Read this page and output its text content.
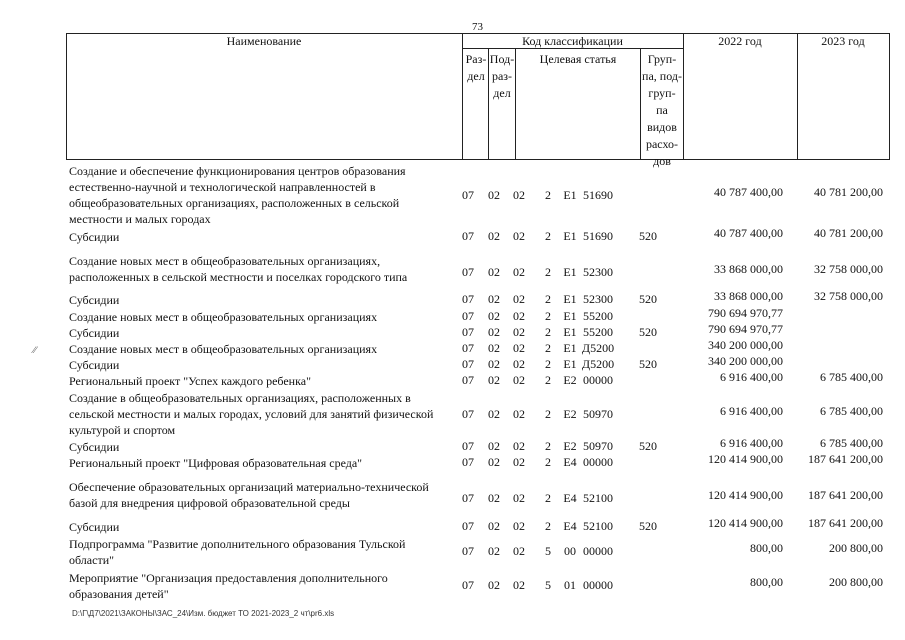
73
Наименование	Код классификации	2022 год	2023 год
Раз-
дел
Под-
раз-
дел
Целевая статья	Груп-
па, под-
груп-
па
видов
расхо-
дов
Создание и обеспечение функционирования центров образования
естественно-научной и технологической направленностей в
общеобразовательных организациях, расположенных в сельской
местности и малых городах
07	02	02	2 Е1 51690	40 787 400,00	40 781 200,00
Субсидии	07	02	02	2 Е1 51690	520	40 787 400,00	40 781 200,00
Создание новых мест в общеобразовательных организациях,
расположенных в сельской местности и поселках городского типа	07	02	02	2 Е1 52300	33 868 000,00	32 758 000,00
Субсидии	07	02	02	2 Е1 52300	520	33 868 000,00	32 758 000,00
Создание новых мест в общеобразовательных организациях	07	02	02	2 Е1 55200	790 694 970,77
Субсидии	07	02	02	2 Е1 55200	520	790 694 970,77
Создание новых мест в общеобразовательных организациях	07	02	02	2 Е1 Д5200	340 200 000,00
Субсидии	07	02	02	2 Е1 Д5200	520	340 200 000,00
Региональный проект "Успех каждого ребенка"	07	02	02	2 Е2 00000	6 916 400,00	6 785 400,00
Создание в общеобразовательных организациях, расположенных в
сельской местности и малых городах, условий для занятий физической
культурой и спортом
07	02	02	2 Е2 50970	6 916 400,00	6 785 400,00
Субсидии	07	02	02	2 Е2 50970	520	6 916 400,00	6 785 400,00
Региональный проект "Цифровая образовательная среда"	07	02	02	2 Е4 00000	120 414 900,00	187 641 200,00
Обеспечение образовательных организаций материально-технической
базой для внедрения цифровой образовательной среды	07	02	02	2 Е4 52100	120 414 900,00	187 641 200,00
Субсидии	07	02	02	2 Е4 52100	520	120 414 900,00	187 641 200,00
Подпрограмма "Развитие дополнительного образования Тульской
области"
07	02	02	5	00 00000	800,00	200 800,00
Мероприятие "Организация предоставления дополнительного
образования детей"
07	02	02	5	01 00000	800,00	200 800,00
∕∕
D:\Г\Д7\2021\ЗАКОНЫ\ЗАС_24\Изм. бюджет ТО 2021-2023_2 чт\pr6.xls
